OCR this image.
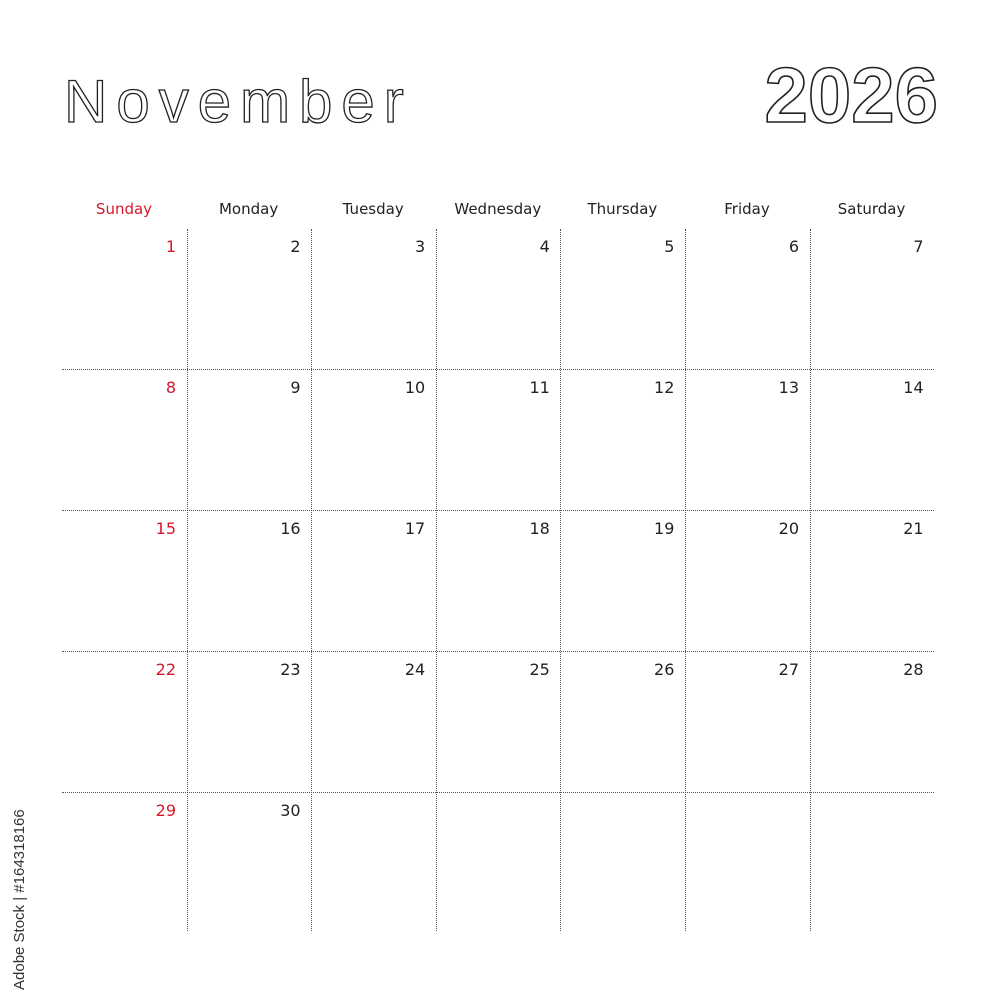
November	2026
Sunday	Monday	Tuesday	Wednesday	Thursday	Friday	Saturday
1	2	3	4	5	6	7
8	9	10	11	12	13	14
15	16	17	18	19	20	21
22	23	24	25	26	27	28
29	30
Adobe Stock | #164318166
